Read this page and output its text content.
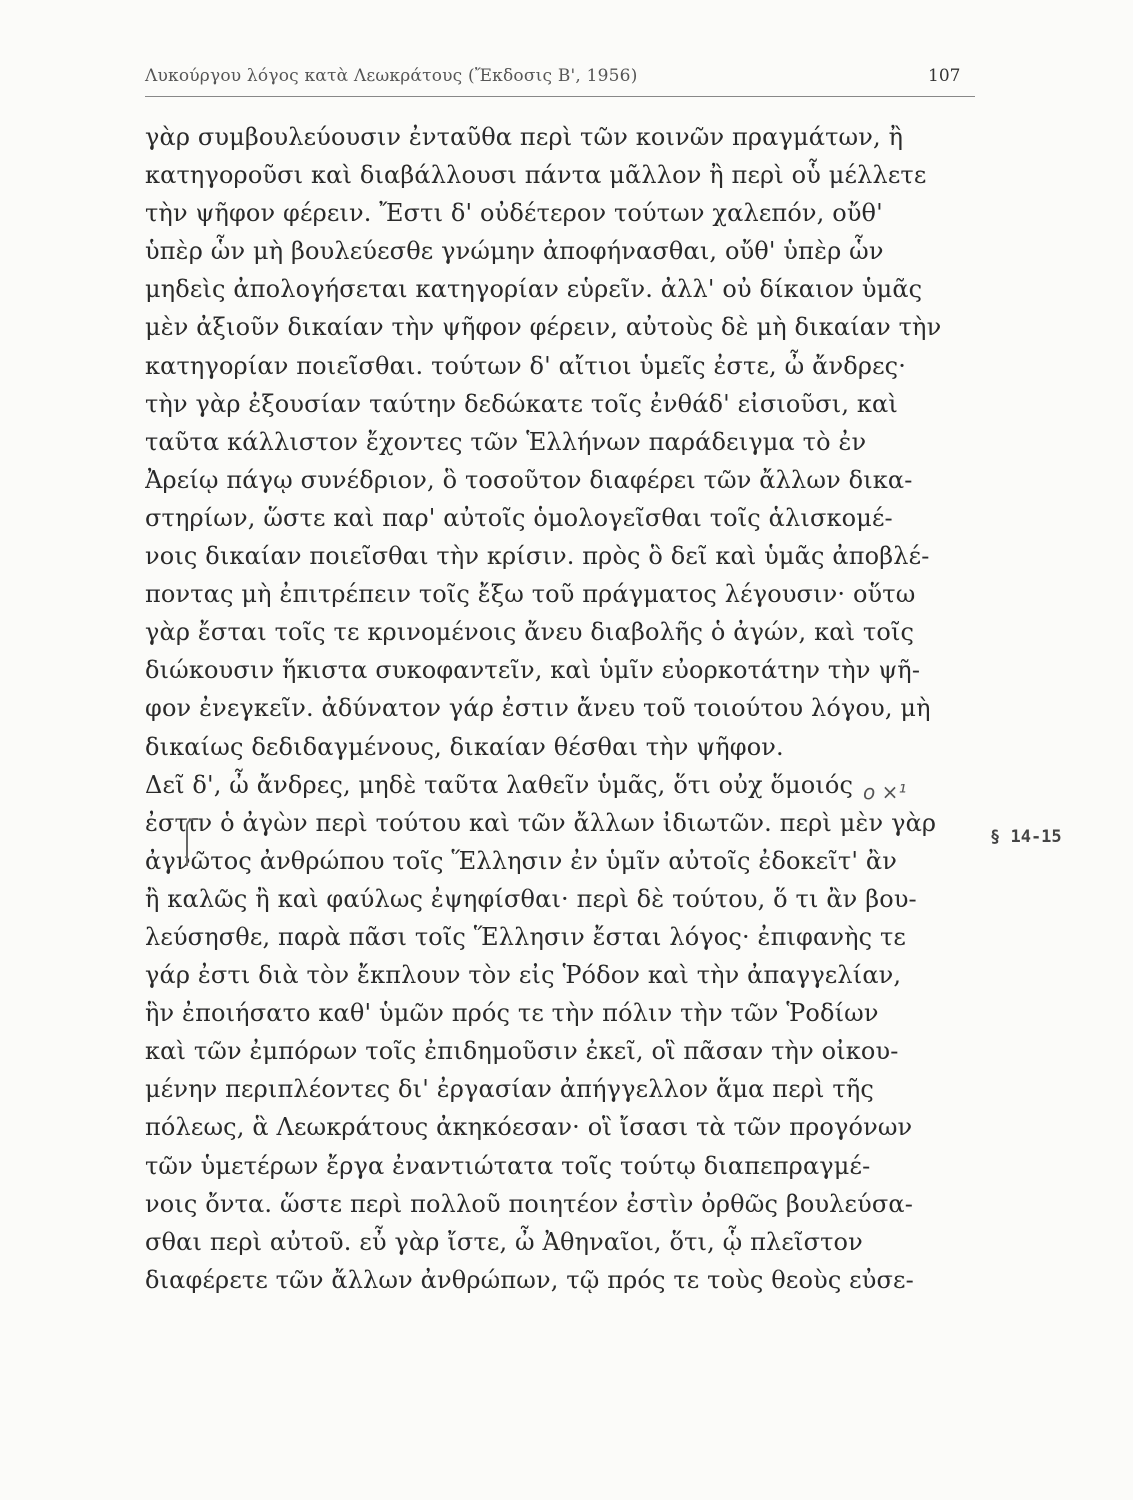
Λυκούργου λόγος κατὰ Λεωκράτους (Ἔκδοσις Β', 1956)	107
γὰρ συμβουλεύουσιν ἐνταῦθα περὶ τῶν κοινῶν πραγμάτων, ἢ
κατηγοροῦσι καὶ διαβάλλουσι πάντα μᾶλλον ἢ περὶ οὗ μέλλετε
τὴν ψῆφον φέρειν. Ἔστι δ' οὐδέτερον τούτων χαλεπόν, οὔθ'
ὑπὲρ ὧν μὴ βουλεύεσθε γνώμην ἀποφήνασθαι, οὔθ' ὑπὲρ ὧν
μηδεὶς ἀπολογήσεται κατηγορίαν εὑρεῖν. ἀλλ' οὐ δίκαιον ὑμᾶς
μὲν ἀξιοῦν δικαίαν τὴν ψῆφον φέρειν, αὐτοὺς δὲ μὴ δικαίαν τὴν
κατηγορίαν ποιεῖσθαι. τούτων δ' αἴτιοι ὑμεῖς ἐστε, ὦ ἄνδρες·
τὴν γὰρ ἐξουσίαν ταύτην δεδώκατε τοῖς ἐνθάδ' εἰσιοῦσι, καὶ
ταῦτα κάλλιστον ἔχοντες τῶν Ἑλλήνων παράδειγμα τὸ ἐν
Ἀρείῳ πάγῳ συνέδριον, ὃ τοσοῦτον διαφέρει τῶν ἄλλων δικα-
στηρίων, ὥστε καὶ παρ' αὐτοῖς ὁμολογεῖσθαι τοῖς ἁλισκομέ-
νοις δικαίαν ποιεῖσθαι τὴν κρίσιν. πρὸς ὃ δεῖ καὶ ὑμᾶς ἀποβλέ-
ποντας μὴ ἐπιτρέπειν τοῖς ἔξω τοῦ πράγματος λέγουσιν· οὕτω
γὰρ ἔσται τοῖς τε κρινομένοις ἄνευ διαβολῆς ὁ ἀγών, καὶ τοῖς
διώκουσιν ἥκιστα συκοφαντεῖν, καὶ ὑμῖν εὐορκοτάτην τὴν ψῆ-
φον ἐνεγκεῖν. ἀδύνατον γάρ ἐστιν ἄνευ τοῦ τοιούτου λόγου, μὴ
δικαίως δεδιδαγμένους, δικαίαν θέσθαι τὴν ψῆφον.
Δεῖ δ', ὦ ἄνδρες, μηδὲ ταῦτα λαθεῖν ὑμᾶς, ὅτι οὐχ ὅμοιός
ἐστιν ὁ ἀγὼν περὶ τούτου καὶ τῶν ἄλλων ἰδιωτῶν. περὶ μὲν γὰρ
ἀγνῶτος ἀνθρώπου τοῖς Ἕλλησιν ἐν ὑμῖν αὐτοῖς ἐδοκεῖτ' ἂν
ἢ καλῶς ἢ καὶ φαύλως ἐψηφίσθαι· περὶ δὲ τούτου, ὅ τι ἂν βου-
λεύσησθε, παρὰ πᾶσι τοῖς Ἕλλησιν ἔσται λόγος· ἐπιφανὴς τε
γάρ ἐστι διὰ τὸν ἔκπλουν τὸν εἰς Ῥόδον καὶ τὴν ἀπαγγελίαν,
ἣν ἐποιήσατο καθ' ὑμῶν πρός τε τὴν πόλιν τὴν τῶν Ῥοδίων
καὶ τῶν ἐμπόρων τοῖς ἐπιδημοῦσιν ἐκεῖ, οἳ πᾶσαν τὴν οἰκου-
μένην περιπλέοντες δι' ἐργασίαν ἀπήγγελλον ἅμα περὶ τῆς
πόλεως, ἃ Λεωκράτους ἀκηκόεσαν· οἳ ἴσασι τὰ τῶν προγόνων
τῶν ὑμετέρων ἔργα ἐναντιώτατα τοῖς τούτῳ διαπεπραγμέ-
νοις ὄντα. ὥστε περὶ πολλοῦ ποιητέον ἐστὶν ὀρθῶς βουλεύσα-
σθαι περὶ αὐτοῦ. εὖ γὰρ ἴστε, ὦ Ἀθηναῖοι, ὅτι, ᾧ πλεῖστον
διαφέρετε τῶν ἄλλων ἀνθρώπων, τῷ πρός τε τοὺς θεοὺς εὐσε-
ο ×¹
§ 14-15
